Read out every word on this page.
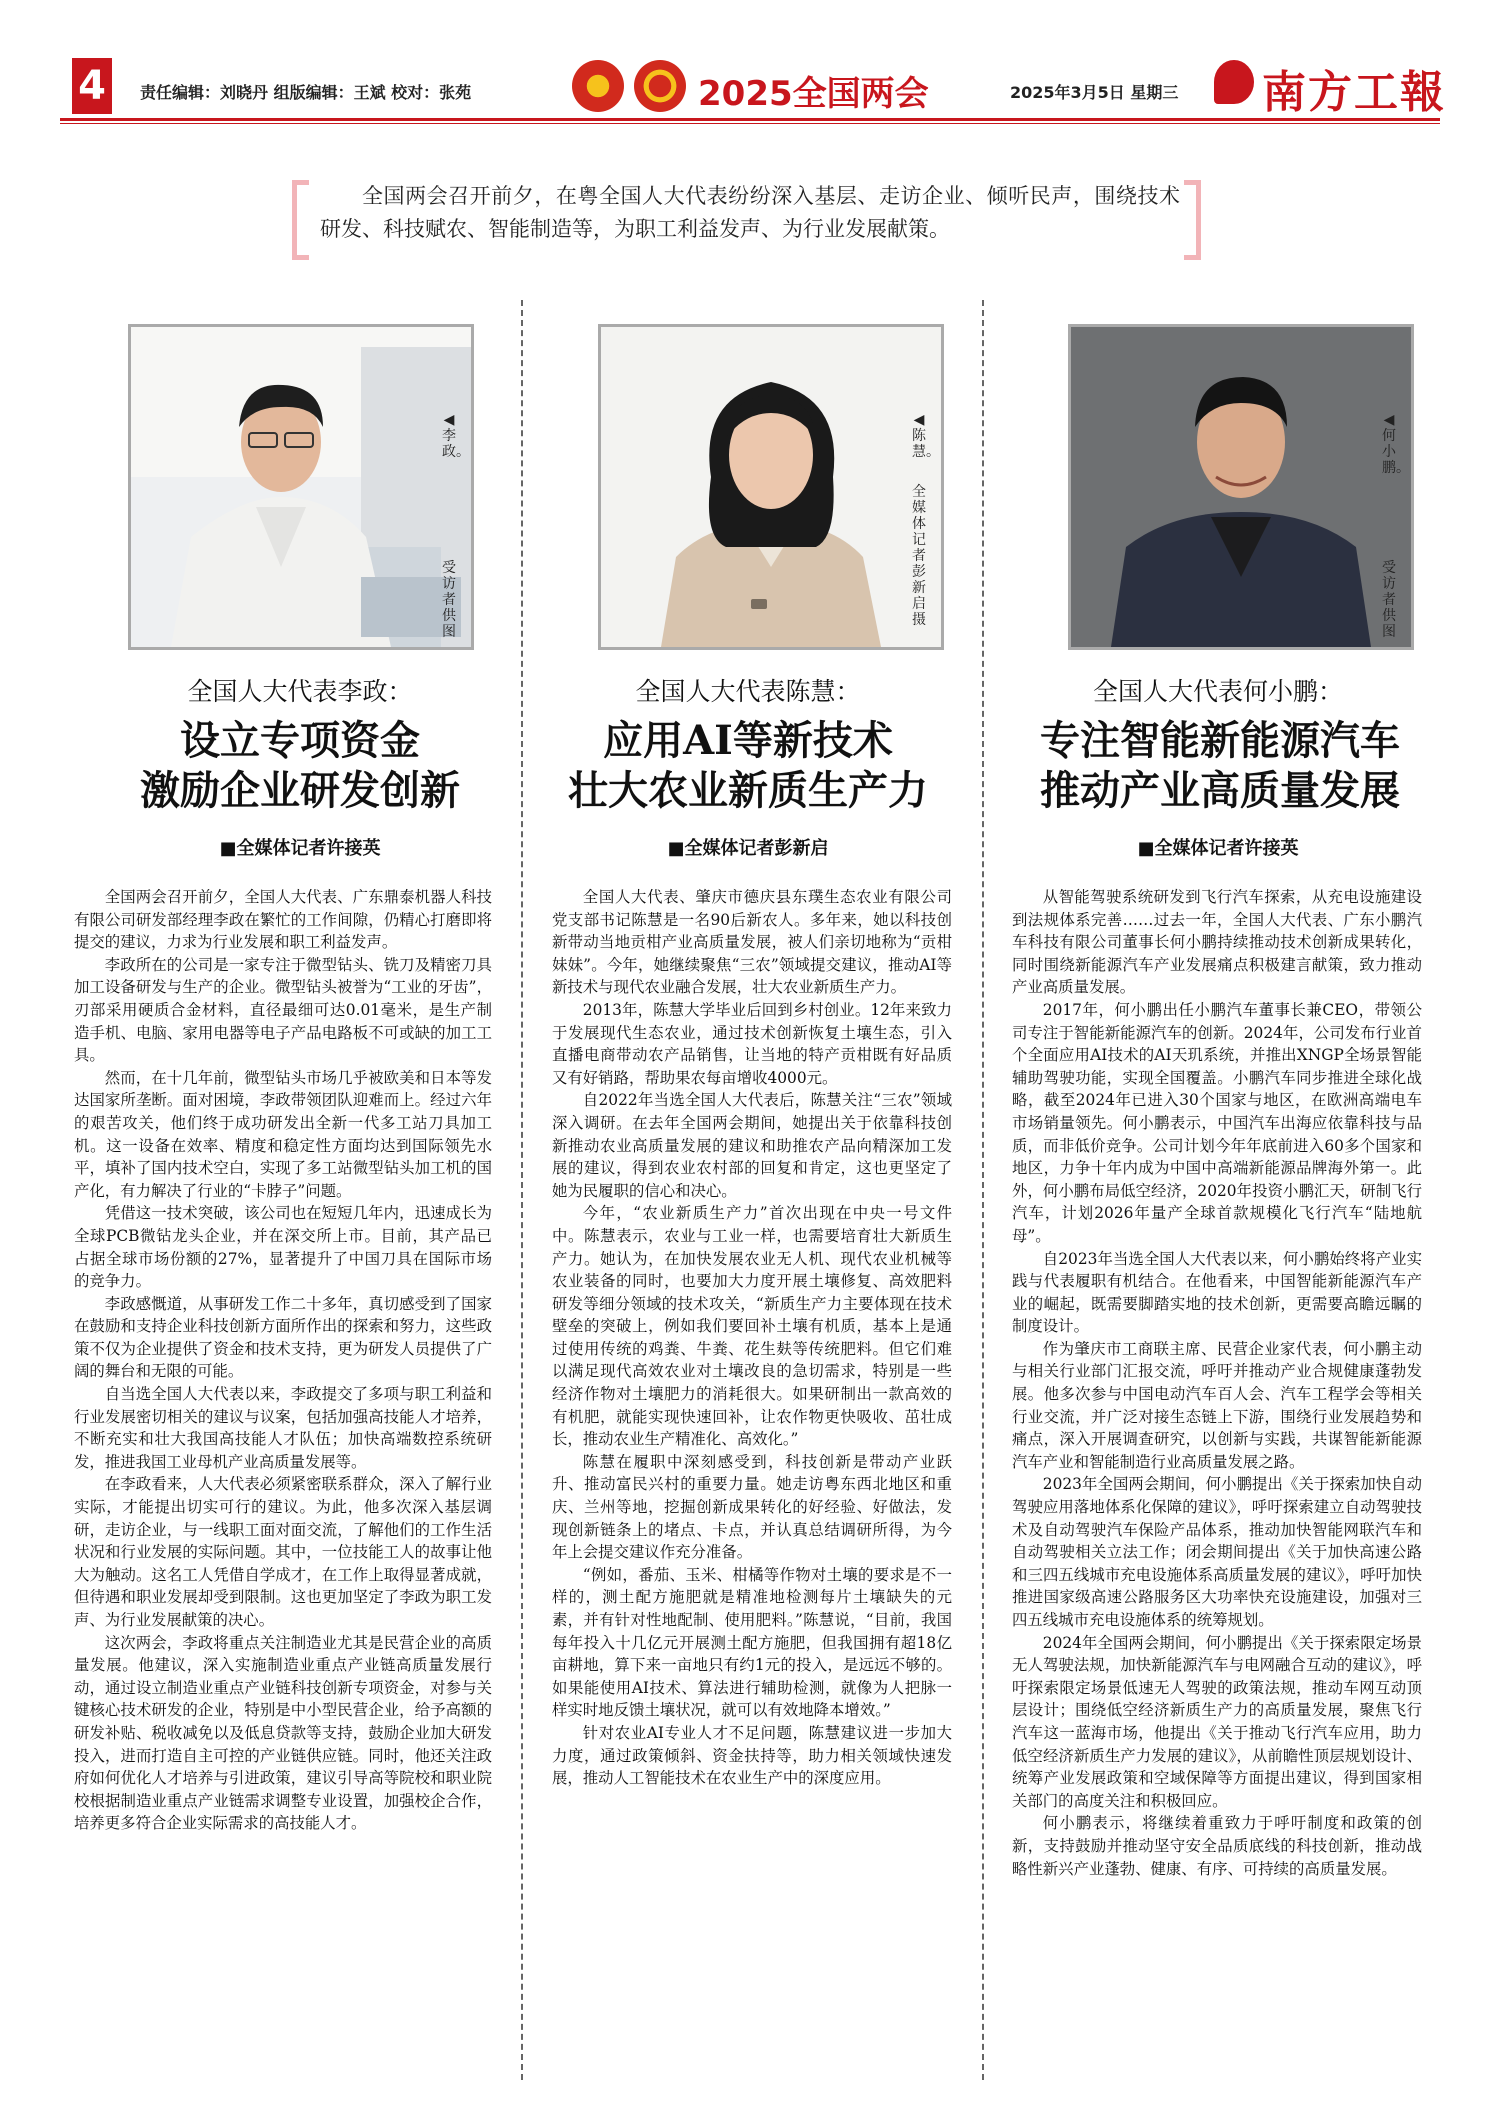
4	责任编辑：刘晓丹 组版编辑：王斌 校对：张苑	2025全国两会	2025年3月5日 星期三 南方工報
全国两会召开前夕，在粤全国人大代表纷纷深入基层、走访企业、倾听民声，围绕技术研发、科技赋农、智能制造等，为职工利益发声、为行业发展献策。
◀李政。
受访者供图
全国人大代表李政：
设立专项资金
激励企业研发创新
■全媒体记者许接英

全国两会召开前夕，全国人大代表、广东鼎泰机器人科技有限公司研发部经理李政在繁忙的工作间隙，仍精心打磨即将提交的建议，力求为行业发展和职工利益发声。

李政所在的公司是一家专注于微型钻头、铣刀及精密刀具加工设备研发与生产的企业。微型钻头被誉为“工业的牙齿”，刃部采用硬质合金材料，直径最细可达0.01毫米，是生产制造手机、电脑、家用电器等电子产品电路板不可或缺的加工工具。

然而，在十几年前，微型钻头市场几乎被欧美和日本等发达国家所垄断。面对困境，李政带领团队迎难而上。经过六年的艰苦攻关，他们终于成功研发出全新一代多工站刀具加工机。这一设备在效率、精度和稳定性方面均达到国际领先水平，填补了国内技术空白，实现了多工站微型钻头加工机的国产化，有力解决了行业的“卡脖子”问题。

凭借这一技术突破，该公司也在短短几年内，迅速成长为全球PCB微钻龙头企业，并在深交所上市。目前，其产品已占据全球市场份额的27%，显著提升了中国刀具在国际市场的竞争力。

李政感慨道，从事研发工作二十多年，真切感受到了国家在鼓励和支持企业科技创新方面所作出的探索和努力，这些政策不仅为企业提供了资金和技术支持，更为研发人员提供了广阔的舞台和无限的可能。

自当选全国人大代表以来，李政提交了多项与职工利益和行业发展密切相关的建议与议案，包括加强高技能人才培养，不断充实和壮大我国高技能人才队伍；加快高端数控系统研发，推进我国工业母机产业高质量发展等。

在李政看来，人大代表必须紧密联系群众，深入了解行业实际，才能提出切实可行的建议。为此，他多次深入基层调研，走访企业，与一线职工面对面交流，了解他们的工作生活状况和行业发展的实际问题。其中，一位技能工人的故事让他大为触动。这名工人凭借自学成才，在工作上取得显著成就，但待遇和职业发展却受到限制。这也更加坚定了李政为职工发声、为行业发展献策的决心。

这次两会，李政将重点关注制造业尤其是民营企业的高质量发展。他建议，深入实施制造业重点产业链高质量发展行动，通过设立制造业重点产业链科技创新专项资金，对参与关键核心技术研发的企业，特别是中小型民营企业，给予高额的研发补贴、税收减免以及低息贷款等支持，鼓励企业加大研发投入，进而打造自主可控的产业链供应链。同时，他还关注政府如何优化人才培养与引进政策，建议引导高等院校和职业院校根据制造业重点产业链需求调整专业设置，加强校企合作，培养更多符合企业实际需求的高技能人才。

◀陈慧。
全媒体记者彭新启摄
全国人大代表陈慧：
应用AI等新技术
壮大农业新质生产力
■全媒体记者彭新启

全国人大代表、肇庆市德庆县东璞生态农业有限公司党支部书记陈慧是一名90后新农人。多年来，她以科技创新带动当地贡柑产业高质量发展，被人们亲切地称为“贡柑妹妹”。今年，她继续聚焦“三农”领域提交建议，推动AI等新技术与现代农业融合发展，壮大农业新质生产力。

2013年，陈慧大学毕业后回到乡村创业。12年来致力于发展现代生态农业，通过技术创新恢复土壤生态，引入直播电商带动农产品销售，让当地的特产贡柑既有好品质又有好销路，帮助果农每亩增收4000元。

自2022年当选全国人大代表后，陈慧关注“三农”领域深入调研。在去年全国两会期间，她提出关于依靠科技创新推动农业高质量发展的建议和助推农产品向精深加工发展的建议，得到农业农村部的回复和肯定，这也更坚定了她为民履职的信心和决心。

今年，“农业新质生产力”首次出现在中央一号文件中。陈慧表示，农业与工业一样，也需要培育壮大新质生产力。她认为，在加快发展农业无人机、现代农业机械等农业装备的同时，也要加大力度开展土壤修复、高效肥料研发等细分领域的技术攻关，“新质生产力主要体现在技术壁垒的突破上，例如我们要回补土壤有机质，基本上是通过使用传统的鸡粪、牛粪、花生麸等传统肥料。但它们难以满足现代高效农业对土壤改良的急切需求，特别是一些经济作物对土壤肥力的消耗很大。如果研制出一款高效的有机肥，就能实现快速回补，让农作物更快吸收、茁壮成长，推动农业生产精准化、高效化。”

陈慧在履职中深刻感受到，科技创新是带动产业跃升、推动富民兴村的重要力量。她走访粤东西北地区和重庆、兰州等地，挖掘创新成果转化的好经验、好做法，发现创新链条上的堵点、卡点，并认真总结调研所得，为今年上会提交建议作充分准备。

“例如，番茄、玉米、柑橘等作物对土壤的要求是不一样的，测土配方施肥就是精准地检测每片土壤缺失的元素，并有针对性地配制、使用肥料。”陈慧说，“目前，我国每年投入十几亿元开展测土配方施肥，但我国拥有超18亿亩耕地，算下来一亩地只有约1元的投入，是远远不够的。如果能使用AI技术、算法进行辅助检测，就像为人把脉一样实时地反馈土壤状况，就可以有效地降本增效。”

针对农业AI专业人才不足问题，陈慧建议进一步加大力度，通过政策倾斜、资金扶持等，助力相关领域快速发展，推动人工智能技术在农业生产中的深度应用。

◀何小鹏。
受访者供图
全国人大代表何小鹏：
专注智能新能源汽车
推动产业高质量发展
■全媒体记者许接英

从智能驾驶系统研发到飞行汽车探索，从充电设施建设到法规体系完善……过去一年，全国人大代表、广东小鹏汽车科技有限公司董事长何小鹏持续推动技术创新成果转化，同时围绕新能源汽车产业发展痛点积极建言献策，致力推动产业高质量发展。

2017年，何小鹏出任小鹏汽车董事长兼CEO，带领公司专注于智能新能源汽车的创新。2024年，公司发布行业首个全面应用AI技术的AI天玑系统，并推出XNGP全场景智能辅助驾驶功能，实现全国覆盖。小鹏汽车同步推进全球化战略，截至2024年已进入30个国家与地区，在欧洲高端电车市场销量领先。何小鹏表示，中国汽车出海应依靠科技与品质，而非低价竞争。公司计划今年年底前进入60多个国家和地区，力争十年内成为中国中高端新能源品牌海外第一。此外，何小鹏布局低空经济，2020年投资小鹏汇天，研制飞行汽车，计划2026年量产全球首款规模化飞行汽车“陆地航母”。

自2023年当选全国人大代表以来，何小鹏始终将产业实践与代表履职有机结合。在他看来，中国智能新能源汽车产业的崛起，既需要脚踏实地的技术创新，更需要高瞻远瞩的制度设计。

作为肇庆市工商联主席、民营企业家代表，何小鹏主动与相关行业部门汇报交流，呼吁并推动产业合规健康蓬勃发展。他多次参与中国电动汽车百人会、汽车工程学会等相关行业交流，并广泛对接生态链上下游，围绕行业发展趋势和痛点，深入开展调查研究，以创新与实践，共谋智能新能源汽车产业和智能制造行业高质量发展之路。

2023年全国两会期间，何小鹏提出《关于探索加快自动驾驶应用落地体系化保障的建议》，呼吁探索建立自动驾驶技术及自动驾驶汽车保险产品体系，推动加快智能网联汽车和自动驾驶相关立法工作；闭会期间提出《关于加快高速公路和三四五线城市充电设施体系高质量发展的建议》，呼吁加快推进国家级高速公路服务区大功率快充设施建设，加强对三四五线城市充电设施体系的统筹规划。

2024年全国两会期间，何小鹏提出《关于探索限定场景无人驾驶法规，加快新能源汽车与电网融合互动的建议》，呼吁探索限定场景低速无人驾驶的政策法规，推动车网互动顶层设计；围绕低空经济新质生产力的高质量发展，聚焦飞行汽车这一蓝海市场，他提出《关于推动飞行汽车应用，助力低空经济新质生产力发展的建议》，从前瞻性顶层规划设计、统筹产业发展政策和空域保障等方面提出建议，得到国家相关部门的高度关注和积极回应。

何小鹏表示，将继续着重致力于呼吁制度和政策的创新，支持鼓励并推动坚守安全品质底线的科技创新，推动战略性新兴产业蓬勃、健康、有序、可持续的高质量发展。
